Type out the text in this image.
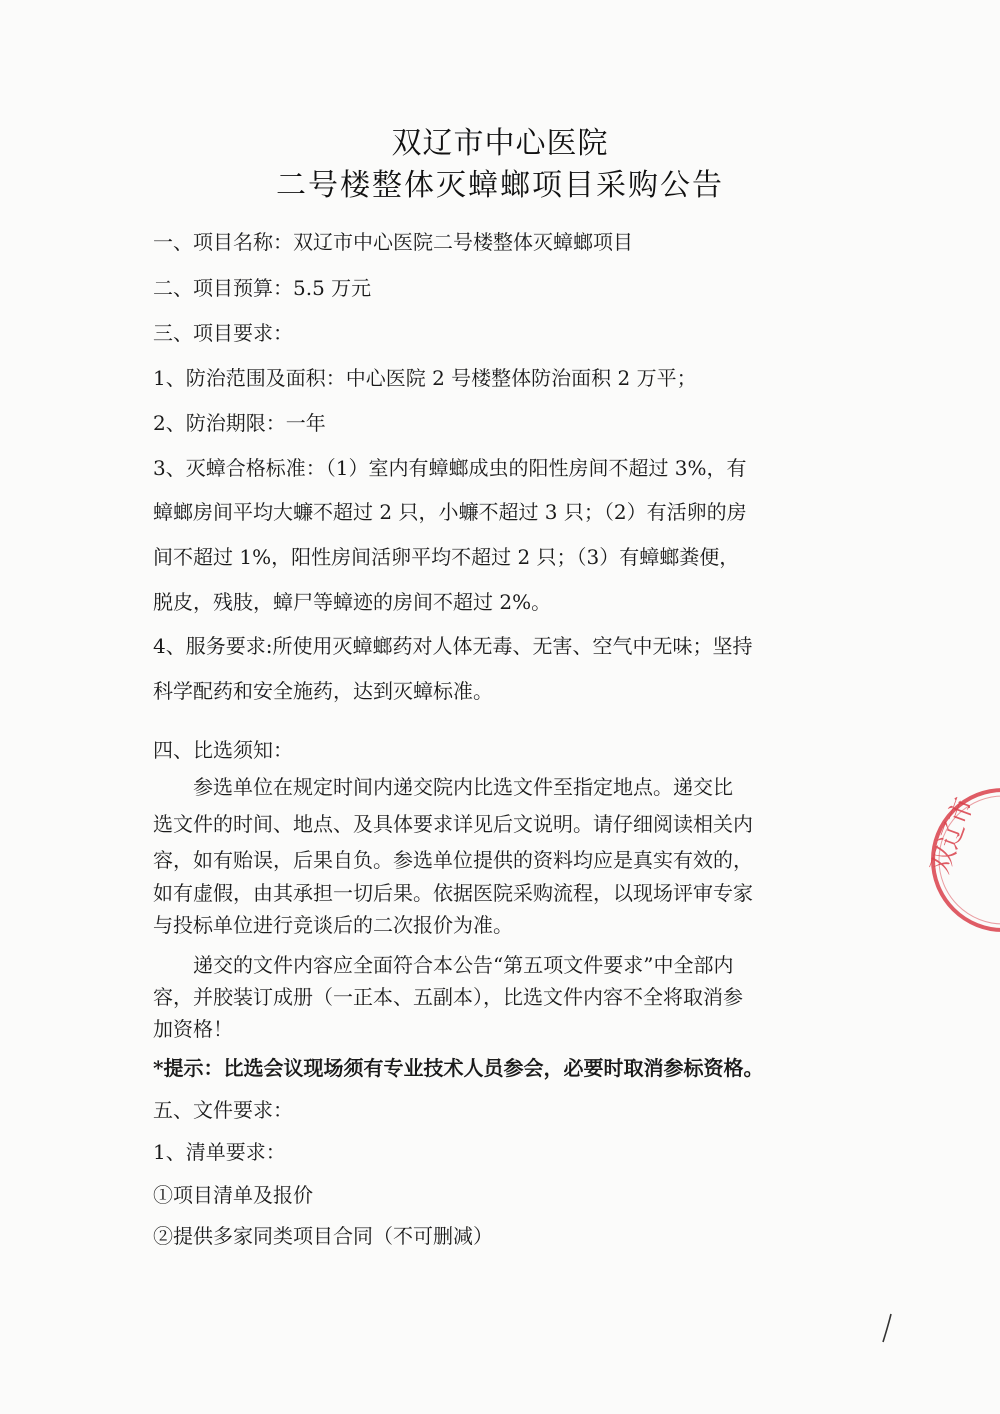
双辽市中心医院
二号楼整体灭蟑螂项目采购公告
一、项目名称：双辽市中心医院二号楼整体灭蟑螂项目
二、项目预算：5.5 万元
三、项目要求：
1、防治范围及面积：中心医院 2 号楼整体防治面积 2 万平；
2、防治期限：一年
3、灭蟑合格标准：（1）室内有蟑螂成虫的阳性房间不超过 3%，有
蟑螂房间平均大蠊不超过 2 只，小蠊不超过 3 只；（2）有活卵的房
间不超过 1%，阳性房间活卵平均不超过 2 只；（3）有蟑螂粪便，
脱皮，残肢，蟑尸等蟑迹的房间不超过 2%。
4、服务要求:所使用灭蟑螂药对人体无毒、无害、空气中无味；坚持
科学配药和安全施药，达到灭蟑标准。
四、比选须知：
　　参选单位在规定时间内递交院内比选文件至指定地点。递交比
选文件的时间、地点、及具体要求详见后文说明。请仔细阅读相关内
容，如有贻误，后果自负。参选单位提供的资料均应是真实有效的，
如有虚假，由其承担一切后果。依据医院采购流程，以现场评审专家
与投标单位进行竞谈后的二次报价为准。
　　递交的文件内容应全面符合本公告“第五项文件要求”中全部内
容，并胶装订成册（一正本、五副本），比选文件内容不全将取消参
加资格！
*提示：比选会议现场须有专业技术人员参会，必要时取消参标资格。
五、文件要求：
1、清单要求：
①项目清单及报价
②提供多家同类项目合同（不可删减）
双辽市
